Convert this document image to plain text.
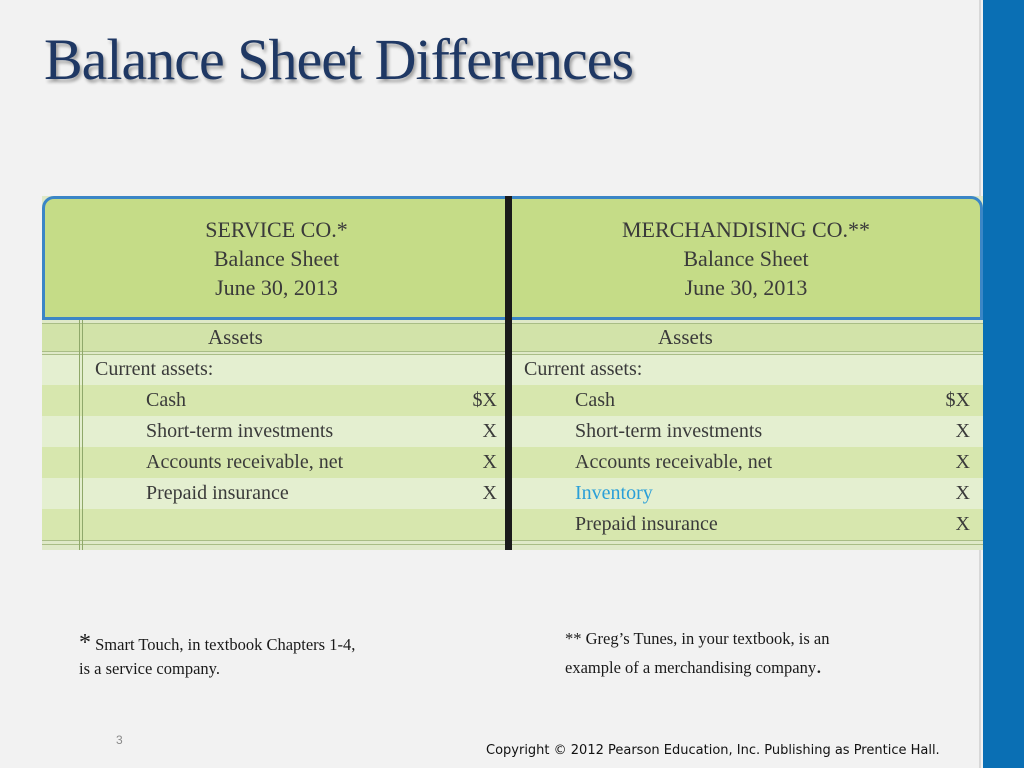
Balance Sheet Differences
SERVICE CO.*
Balance Sheet
June 30, 2013
MERCHANDISING CO.**
Balance Sheet
June 30, 2013
Assets
Current assets:
Cash	$X
Short-term investments	X
Accounts receivable, net	X
Prepaid insurance	X
Assets
Current assets:
Cash	$X
Short-term investments	X
Accounts receivable, net	X
Inventory	X
Prepaid insurance	X
* Smart Touch, in textbook Chapters 1-4,
is a service company.
** Greg’s Tunes, in your textbook, is an
example of a merchandising company.
3
Copyright © 2012 Pearson Education, Inc. Publishing as Prentice Hall.
